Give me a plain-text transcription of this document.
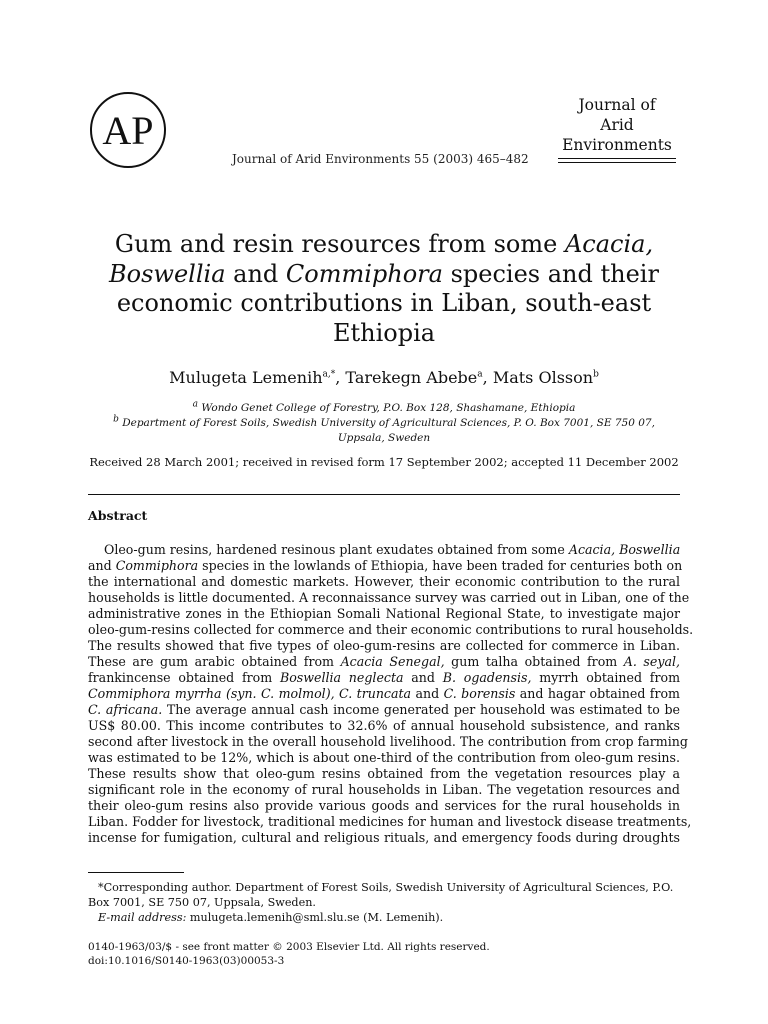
AP
Journal of Arid Environments 55 (2003) 465–482
Journal of
Arid
Environments
Gum and resin resources from some Acacia,
Boswellia and Commiphora species and their
economic contributions in Liban, south-east
Ethiopia
Mulugeta Lemenih$^{a,*}$, Tarekegn Abebe$^a$, Mats Olsson$^b$
$^a$ Wondo Genet College of Forestry, P.O. Box 128, Shashamane, Ethiopia
$^b$ Department of Forest Soils, Swedish University of Agricultural Sciences, P. O. Box 7001, SE 750 07,
Uppsala, Sweden
Received 28 March 2001; received in revised form 17 September 2002; accepted 11 December 2002
Abstract
Oleo-gum resins, hardened resinous plant exudates obtained from some Acacia, Boswellia
and Commiphora species in the lowlands of Ethiopia, have been traded for centuries both on
the international and domestic markets. However, their economic contribution to the rural
households is little documented. A reconnaissance survey was carried out in Liban, one of the
administrative zones in the Ethiopian Somali National Regional State, to investigate major
oleo-gum-resins collected for commerce and their economic contributions to rural households.
The results showed that five types of oleo-gum-resins are collected for commerce in Liban.
These are gum arabic obtained from Acacia Senegal, gum talha obtained from A. seyal,
frankincense obtained from Boswellia neglecta and B. ogadensis, myrrh obtained from
Commiphora myrrha (syn. C. molmol), C. truncata and C. borensis and hagar obtained from
C. africana. The average annual cash income generated per household was estimated to be
US$ 80.00. This income contributes to 32.6% of annual household subsistence, and ranks
second after livestock in the overall household livelihood. The contribution from crop farming
was estimated to be 12%, which is about one-third of the contribution from oleo-gum resins.
These results show that oleo-gum resins obtained from the vegetation resources play a
significant role in the economy of rural households in Liban. The vegetation resources and
their oleo-gum resins also provide various goods and services for the rural households in
Liban. Fodder for livestock, traditional medicines for human and livestock disease treatments,
incense for fumigation, cultural and religious rituals, and emergency foods during droughts
*Corresponding author. Department of Forest Soils, Swedish University of Agricultural Sciences, P.O.
Box 7001, SE 750 07, Uppsala, Sweden.
E-mail address: mulugeta.lemenih@sml.slu.se (M. Lemenih).
0140-1963/03/$ - see front matter © 2003 Elsevier Ltd. All rights reserved.
doi:10.1016/S0140-1963(03)00053-3
